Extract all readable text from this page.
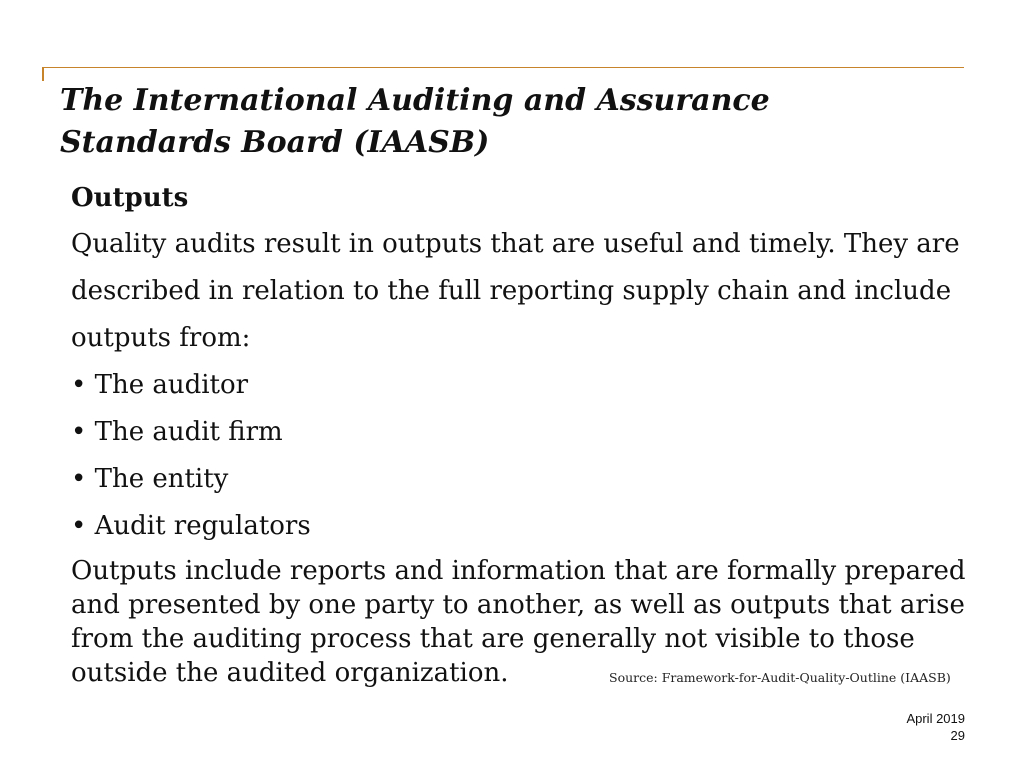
The International Auditing and Assurance Standards Board (IAASB)
Outputs
Quality audits result in outputs that are useful and timely. They are described in relation to the full reporting supply chain and include outputs from:
• The auditor
• The audit firm
• The entity
• Audit regulators
Outputs include reports and information that are formally prepared and presented by one party to another, as well as outputs that arise from the auditing process that are generally not visible to those outside the audited organization.	Source: Framework-for-Audit-Quality-Outline (IAASB)
April 2019
29
